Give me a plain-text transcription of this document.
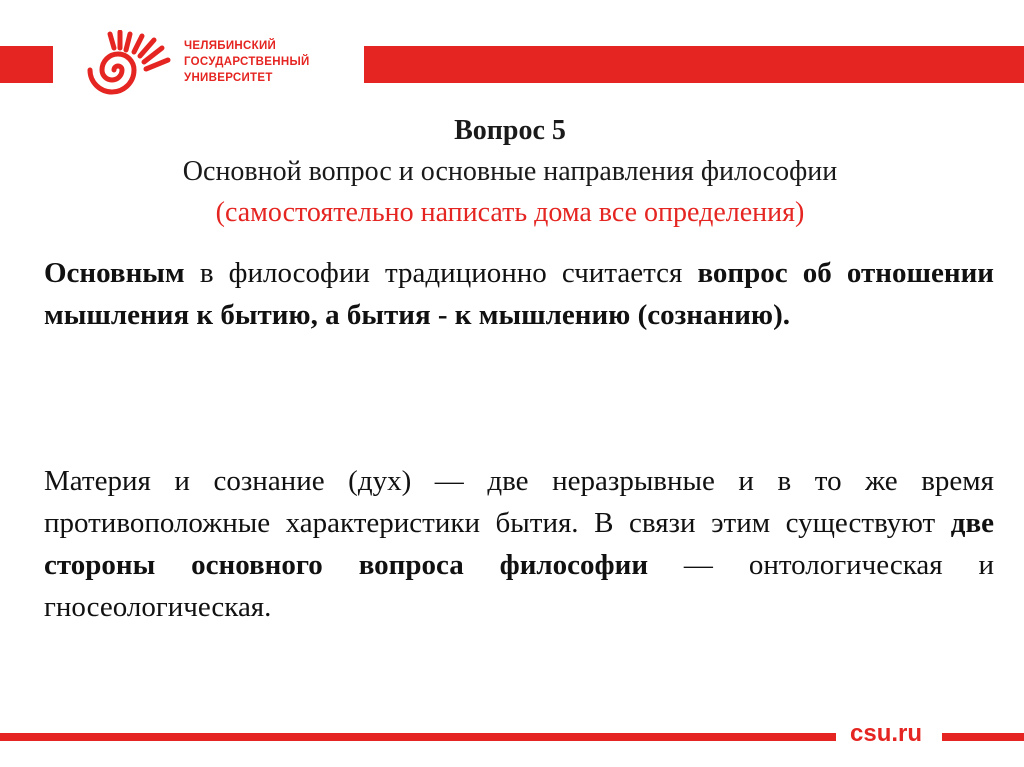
ЧЕЛЯБИНСКИЙ
ГОСУДАРСТВЕННЫЙ
УНИВЕРСИТЕТ
Вопрос 5
Основной вопрос и основные направления философии
(самостоятельно написать дома все определения)
Основным в философии традиционно считается вопрос об отношении мышления к бытию, а бытия - к мышлению (сознанию).
Материя и сознание (дух) — две неразрывные и в то же время противоположные характеристики бытия. В связи этим существуют две стороны основного вопроса философии — онтологическая и гносеологическая.
csu.ru
